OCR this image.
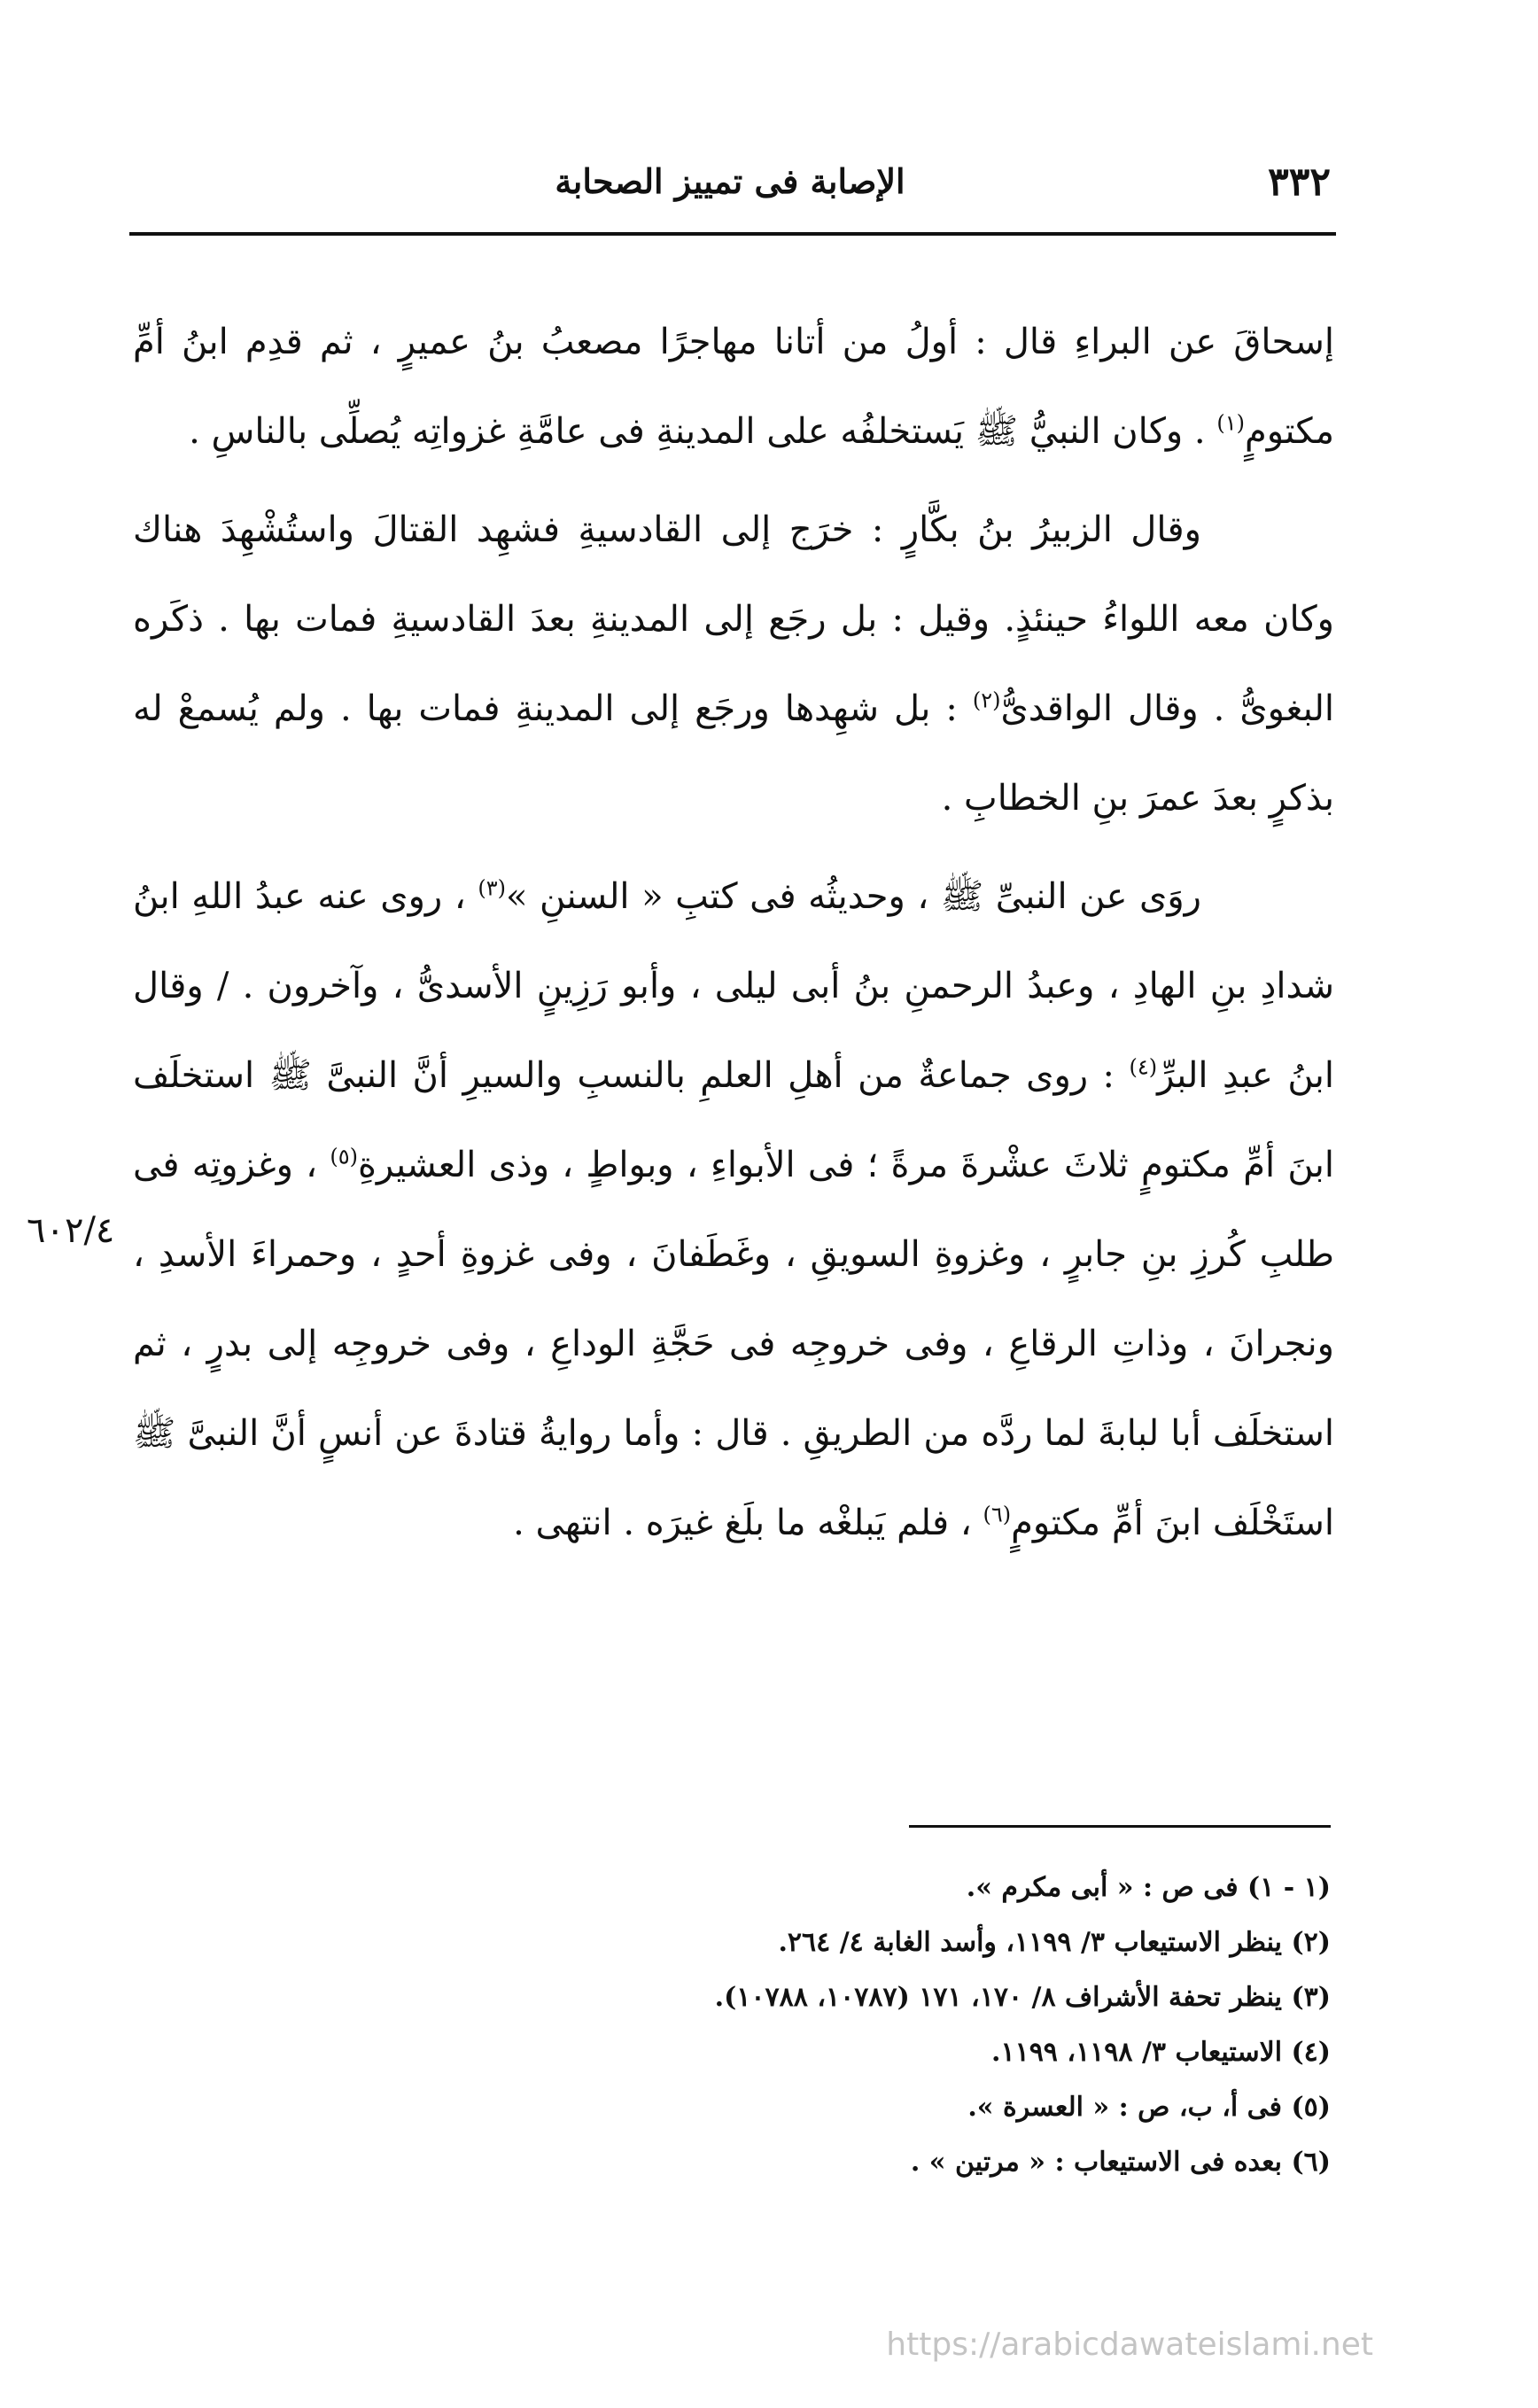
٣٣٢
الإصابة فى تمييز الصحابة

إسحاقَ عن البراءِ قال : أولُ من أتانا مهاجرًا مصعبُ بنُ عميرٍ ، ثم قدِم ابنُ أمِّ مكتومٍ$^{(١)}$ . وكان النبيُّ ﷺ يَستخلفُه على المدينةِ فى عامَّةِ غزواتِه يُصلِّى بالناسِ .

وقال الزبيرُ بنُ بكَّارٍ : خرَج إلى القادسيةِ فشهِد القتالَ واستُشْهِدَ هناك وكان معه اللواءُ حينئذٍ. وقيل : بل رجَع إلى المدينةِ بعدَ القادسيةِ فمات بها . ذكَره البغوىُّ . وقال الواقدىُّ$^{(٢)}$ : بل شهِدها ورجَع إلى المدينةِ فمات بها . ولم يُسمعْ له بذكرٍ بعدَ عمرَ بنِ الخطابِ .

روَى عن النبىِّ ﷺ ، وحديثُه فى كتبِ « السننِ »$^{(٣)}$ ، روى عنه عبدُ اللهِ ابنُ شدادِ بنِ الهادِ ، وعبدُ الرحمنِ بنُ أبى ليلى ، وأبو رَزِينٍ الأسدىُّ ، وآخرون . / وقال ابنُ عبدِ البرِّ$^{(٤)}$ : روى جماعةٌ من أهلِ العلمِ بالنسبِ والسيرِ أنَّ النبىَّ ﷺ استخلَف ابنَ أمِّ مكتومٍ ثلاثَ عشْرةَ مرةً ؛ فى الأبواءِ ، وبواطٍ ، وذى العشيرةِ$^{(٥)}$ ، وغزوتِه فى طلبِ كُرزِ بنِ جابرٍ ، وغزوةِ السويقِ ، وغَطَفانَ ، وفى غزوةِ أحدٍ ، وحمراءَ الأسدِ ، ونجرانَ ، وذاتِ الرقاعِ ، وفى خروجِه فى حَجَّةِ الوداعِ ، وفى خروجِه إلى بدرٍ ، ثم استخلَف أبا لبابةَ لما ردَّه من الطريقِ . قال : وأما روايةُ قتادةَ عن أنسٍ أنَّ النبىَّ ﷺ استَخْلَف ابنَ أمِّ مكتومٍ$^{(٦)}$ ، فلم يَبلغْه ما بلَغ غيرَه . انتهى .

٦٠٢/٤
(١ - ١) فى ص : « أبى مكرم ».
(٢) ينظر الاستيعاب ٣/ ١١٩٩، وأسد الغابة ٤/ ٢٦٤.
(٣) ينظر تحفة الأشراف ٨/ ١٧٠، ١٧١ (١٠٧٨٧، ١٠٧٨٨).
(٤) الاستيعاب ٣/ ١١٩٨، ١١٩٩.
(٥) فى أ، ب، ص : « العسرة ».
(٦) بعده فى الاستيعاب : « مرتين » .
https://arabicdawateislami.net
